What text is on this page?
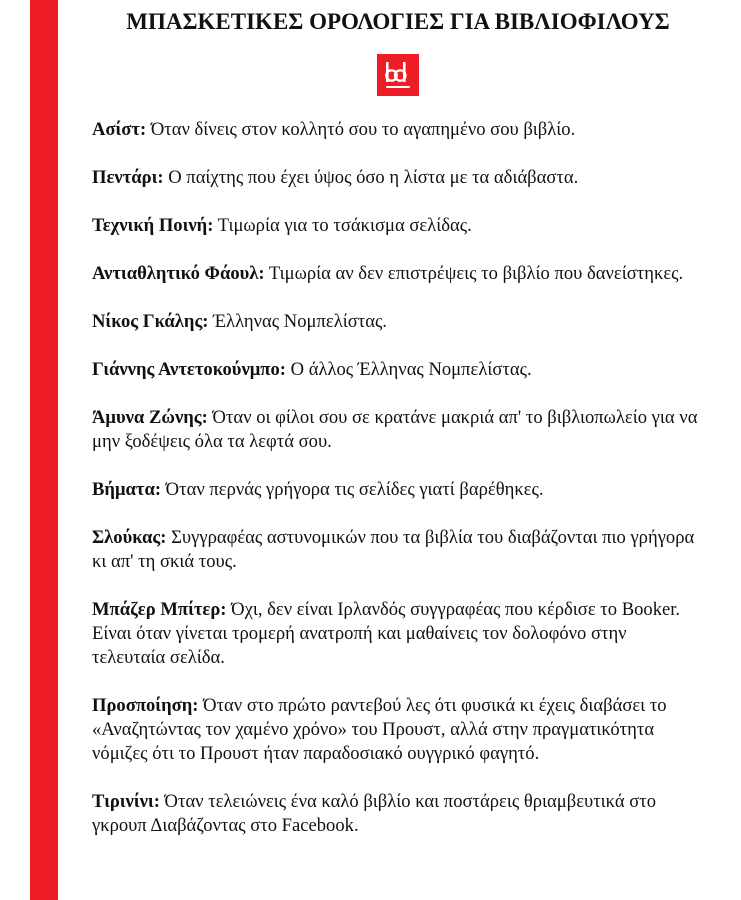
ΜΠΑΣΚΕΤΙΚΕΣ ΟΡΟΛΟΓΙΕΣ ΓΙΑ ΒΙΒΛΙΟΦΙΛΟΥΣ

Ασίστ: Όταν δίνεις στον κολλητό σου το αγαπημένο σου βιβλίο.

Πεντάρι: Ο παίχτης που έχει ύψος όσο η λίστα με τα αδιάβαστα.

Τεχνική Ποινή: Τιμωρία για το τσάκισμα σελίδας.

Αντιαθλητικό Φάουλ: Τιμωρία αν δεν επιστρέψεις το βιβλίο που δανείστηκες.

Νίκος Γκάλης: Έλληνας Νομπελίστας.

Γιάννης Αντετοκούνμπο: Ο άλλος Έλληνας Νομπελίστας.

Άμυνα Ζώνης: Όταν οι φίλοι σου σε κρατάνε μακριά απ' το βιβλιοπωλείο για να μην ξοδέψεις όλα τα λεφτά σου.

Βήματα: Όταν περνάς γρήγορα τις σελίδες γιατί βαρέθηκες.

Σλούκας: Συγγραφέας αστυνομικών που τα βιβλία του διαβάζονται πιο γρήγορα κι απ' τη σκιά τους.

Μπάζερ Μπίτερ: Όχι, δεν είναι Ιρλανδός συγγραφέας που κέρδισε το Booker. Είναι όταν γίνεται τρομερή ανατροπή και μαθαίνεις τον δολοφόνο στην τελευταία σελίδα.

Προσποίηση: Όταν στο πρώτο ραντεβού λες ότι φυσικά κι έχεις διαβάσει το «Αναζητώντας τον χαμένο χρόνο» του Προυστ, αλλά στην πραγματικότητα νόμιζες ότι το Προυστ ήταν παραδοσιακό ουγγρικό φαγητό.

Τιρινίνι: Όταν τελειώνεις ένα καλό βιβλίο και ποστάρεις θριαμβευτικά στο γκρουπ Διαβάζοντας στο Facebook.
